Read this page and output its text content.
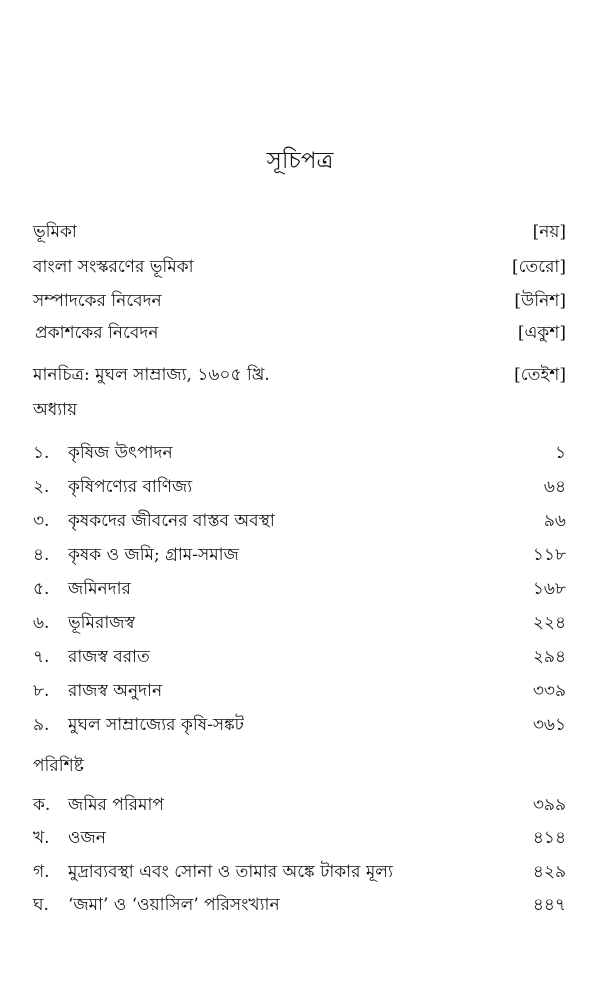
সূচিপত্র
ভূমিকা	[নয়]
বাংলা সংস্করণের ভূমিকা	[তেরো]
সম্পাদকের নিবেদন	[উনিশ]
প্রকাশকের নিবেদন	[একুশ]
মানচিত্র: মুঘল সাম্রাজ্য, ১৬০৫ খ্রি.	[তেইশ]
অধ্যায়
১. কৃষিজ উৎপাদন	১
২. কৃষিপণ্যের বাণিজ্য	৬৪
৩. কৃষকদের জীবনের বাস্তব অবস্থা	৯৬
৪. কৃষক ও জমি; গ্রাম-সমাজ	১১৮
৫. জমিনদার	১৬৮
৬. ভূমিরাজস্ব	২২৪
৭. রাজস্ব বরাত	২৯৪
৮. রাজস্ব অনুদান	৩৩৯
৯. মুঘল সাম্রাজ্যের কৃষি-সঙ্কট	৩৬১
পরিশিষ্ট
ক. জমির পরিমাপ	৩৯৯
খ. ওজন	৪১৪
গ. মুদ্রাব্যবস্থা এবং সোনা ও তামার অঙ্কে টাকার মূল্য	৪২৯
ঘ. ‘জমা’ ও ‘ওয়াসিল’ পরিসংখ্যান	৪৪৭
